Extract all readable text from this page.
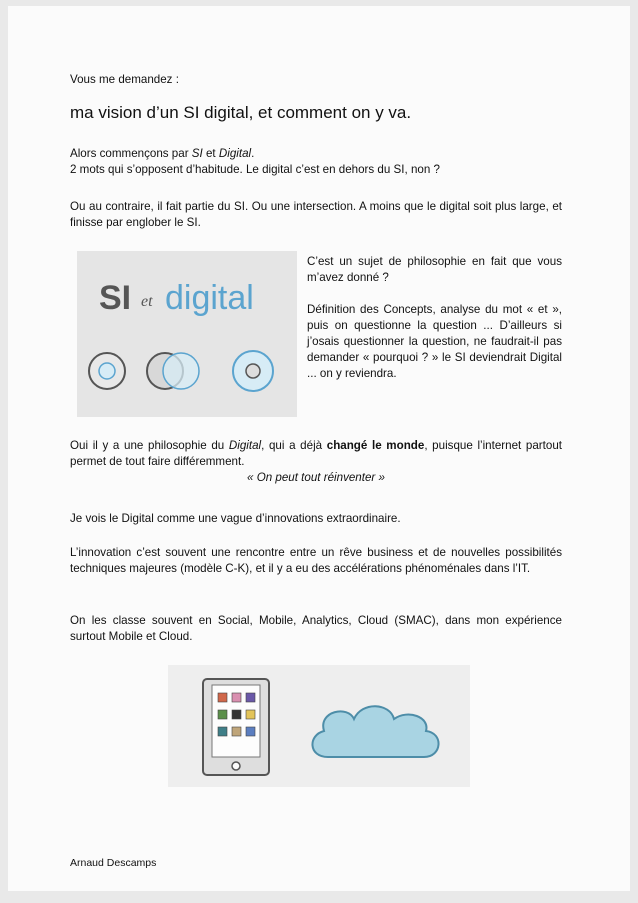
Vous me demandez :

ma vision d’un SI digital, et comment on y va.

Alors commençons par SI et Digital.
2 mots qui s’opposent d’habitude. Le digital c’est en dehors du SI, non ?

Ou au contraire, il fait partie du SI. Ou une intersection. A moins que le digital soit plus large, et finisse par englober le SI.

SI et digital

C’est un sujet de philosophie en fait que vous m’avez donné ?

Définition des Concepts, analyse du mot « et », puis on questionne la question ... D’ailleurs si j’osais questionner la question, ne faudrait-il pas demander « pourquoi ? » le SI deviendrait Digital ... on y reviendra.

Oui il y a une philosophie du Digital, qui a déjà changé le monde, puisque l’internet partout permet de tout faire différemment.

« On peut tout réinventer »

Je vois le Digital comme une vague d’innovations extraordinaire.

L’innovation c’est souvent une rencontre entre un rêve business et de nouvelles possibilités techniques majeures (modèle C-K), et il y a eu des accélérations phénoménales dans l’IT.

On les classe souvent en Social, Mobile, Analytics, Cloud (SMAC), dans mon expérience surtout Mobile et Cloud.

Arnaud Descamps
